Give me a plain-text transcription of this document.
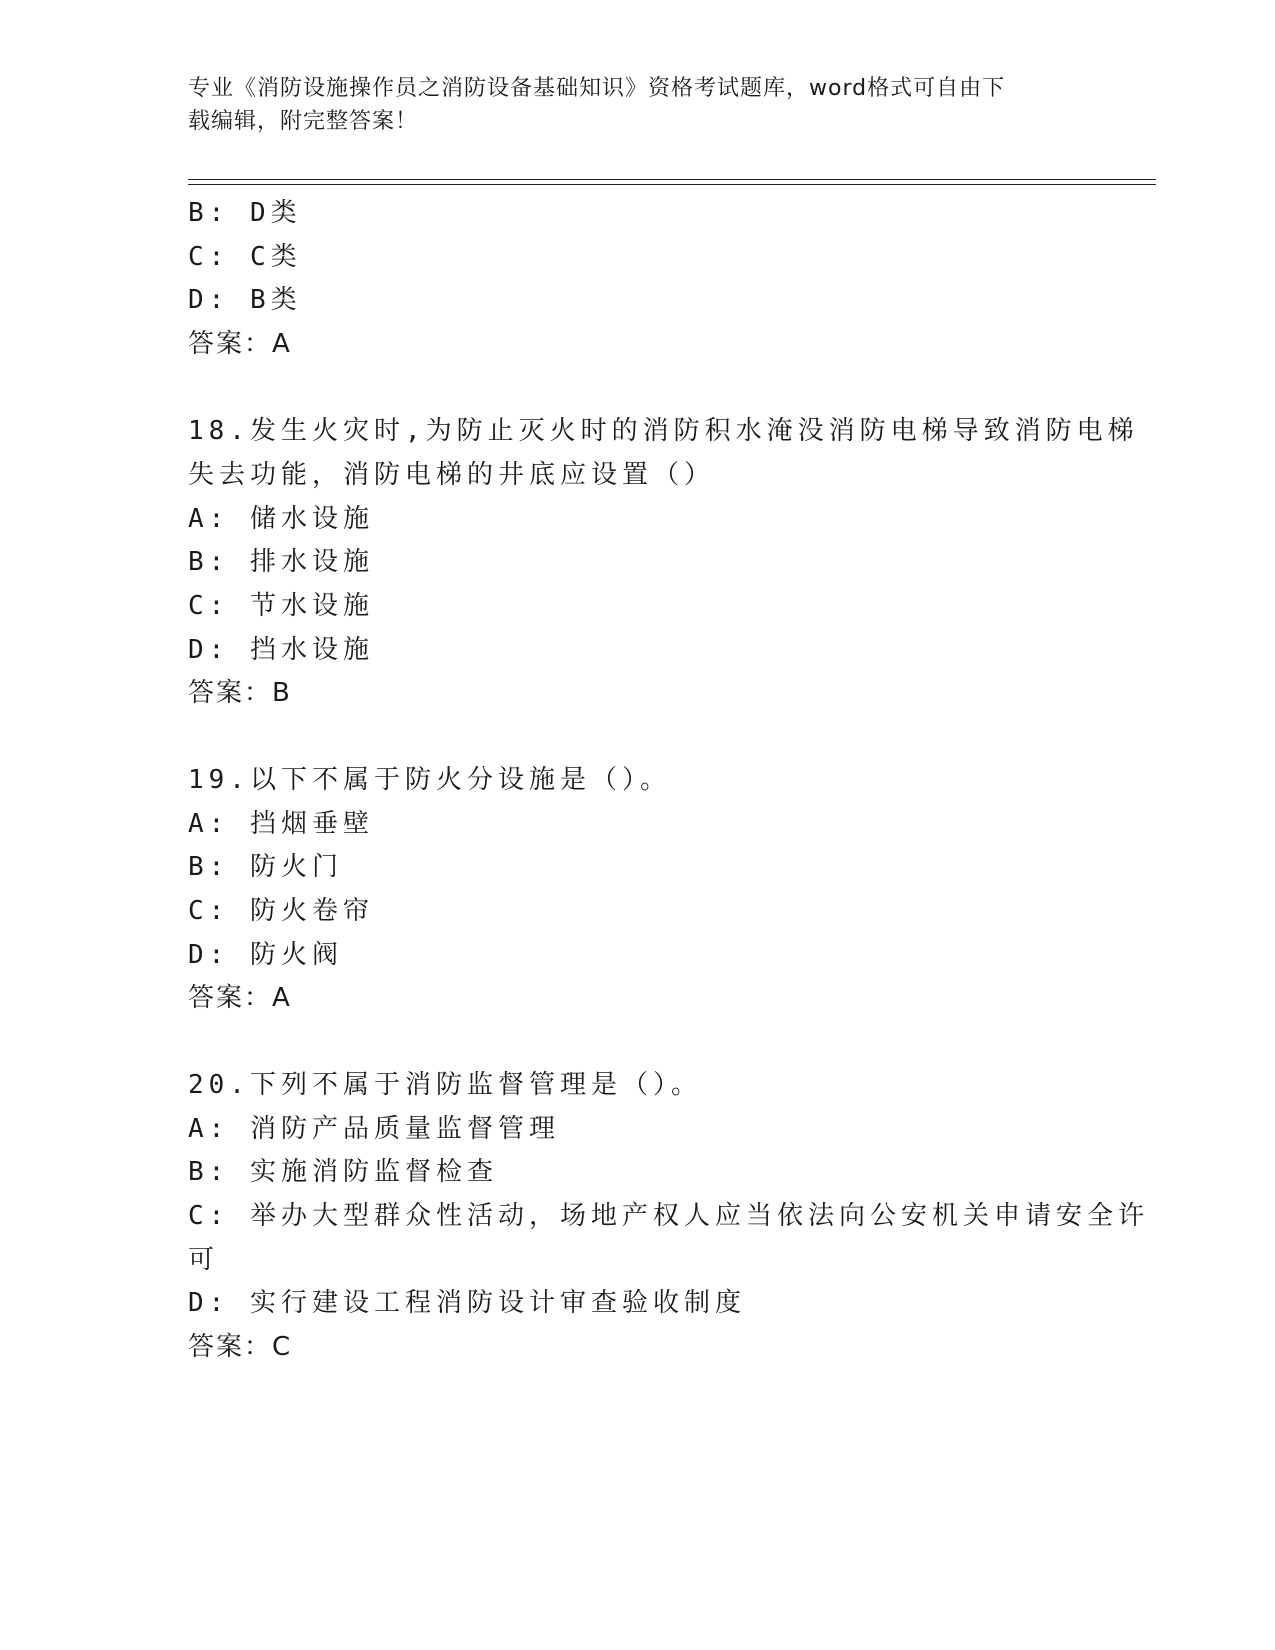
专业《消防设施操作员之消防设备基础知识》资格考试题库，word格式可自由下
载编辑，附完整答案！
B: D类
C: C类
D: B类
答案：A
18.发生火灾时,为防止灭火时的消防积水淹没消防电梯导致消防电梯
失去功能，消防电梯的井底应设置（）
A: 储水设施
B: 排水设施
C: 节水设施
D: 挡水设施
答案：B
19.以下不属于防火分设施是（）。
A: 挡烟垂壁
B: 防火门
C: 防火卷帘
D: 防火阀
答案：A
20.下列不属于消防监督管理是（）。
A: 消防产品质量监督管理
B: 实施消防监督检查
C: 举办大型群众性活动，场地产权人应当依法向公安机关申请安全许
可
D: 实行建设工程消防设计审查验收制度
答案：C
